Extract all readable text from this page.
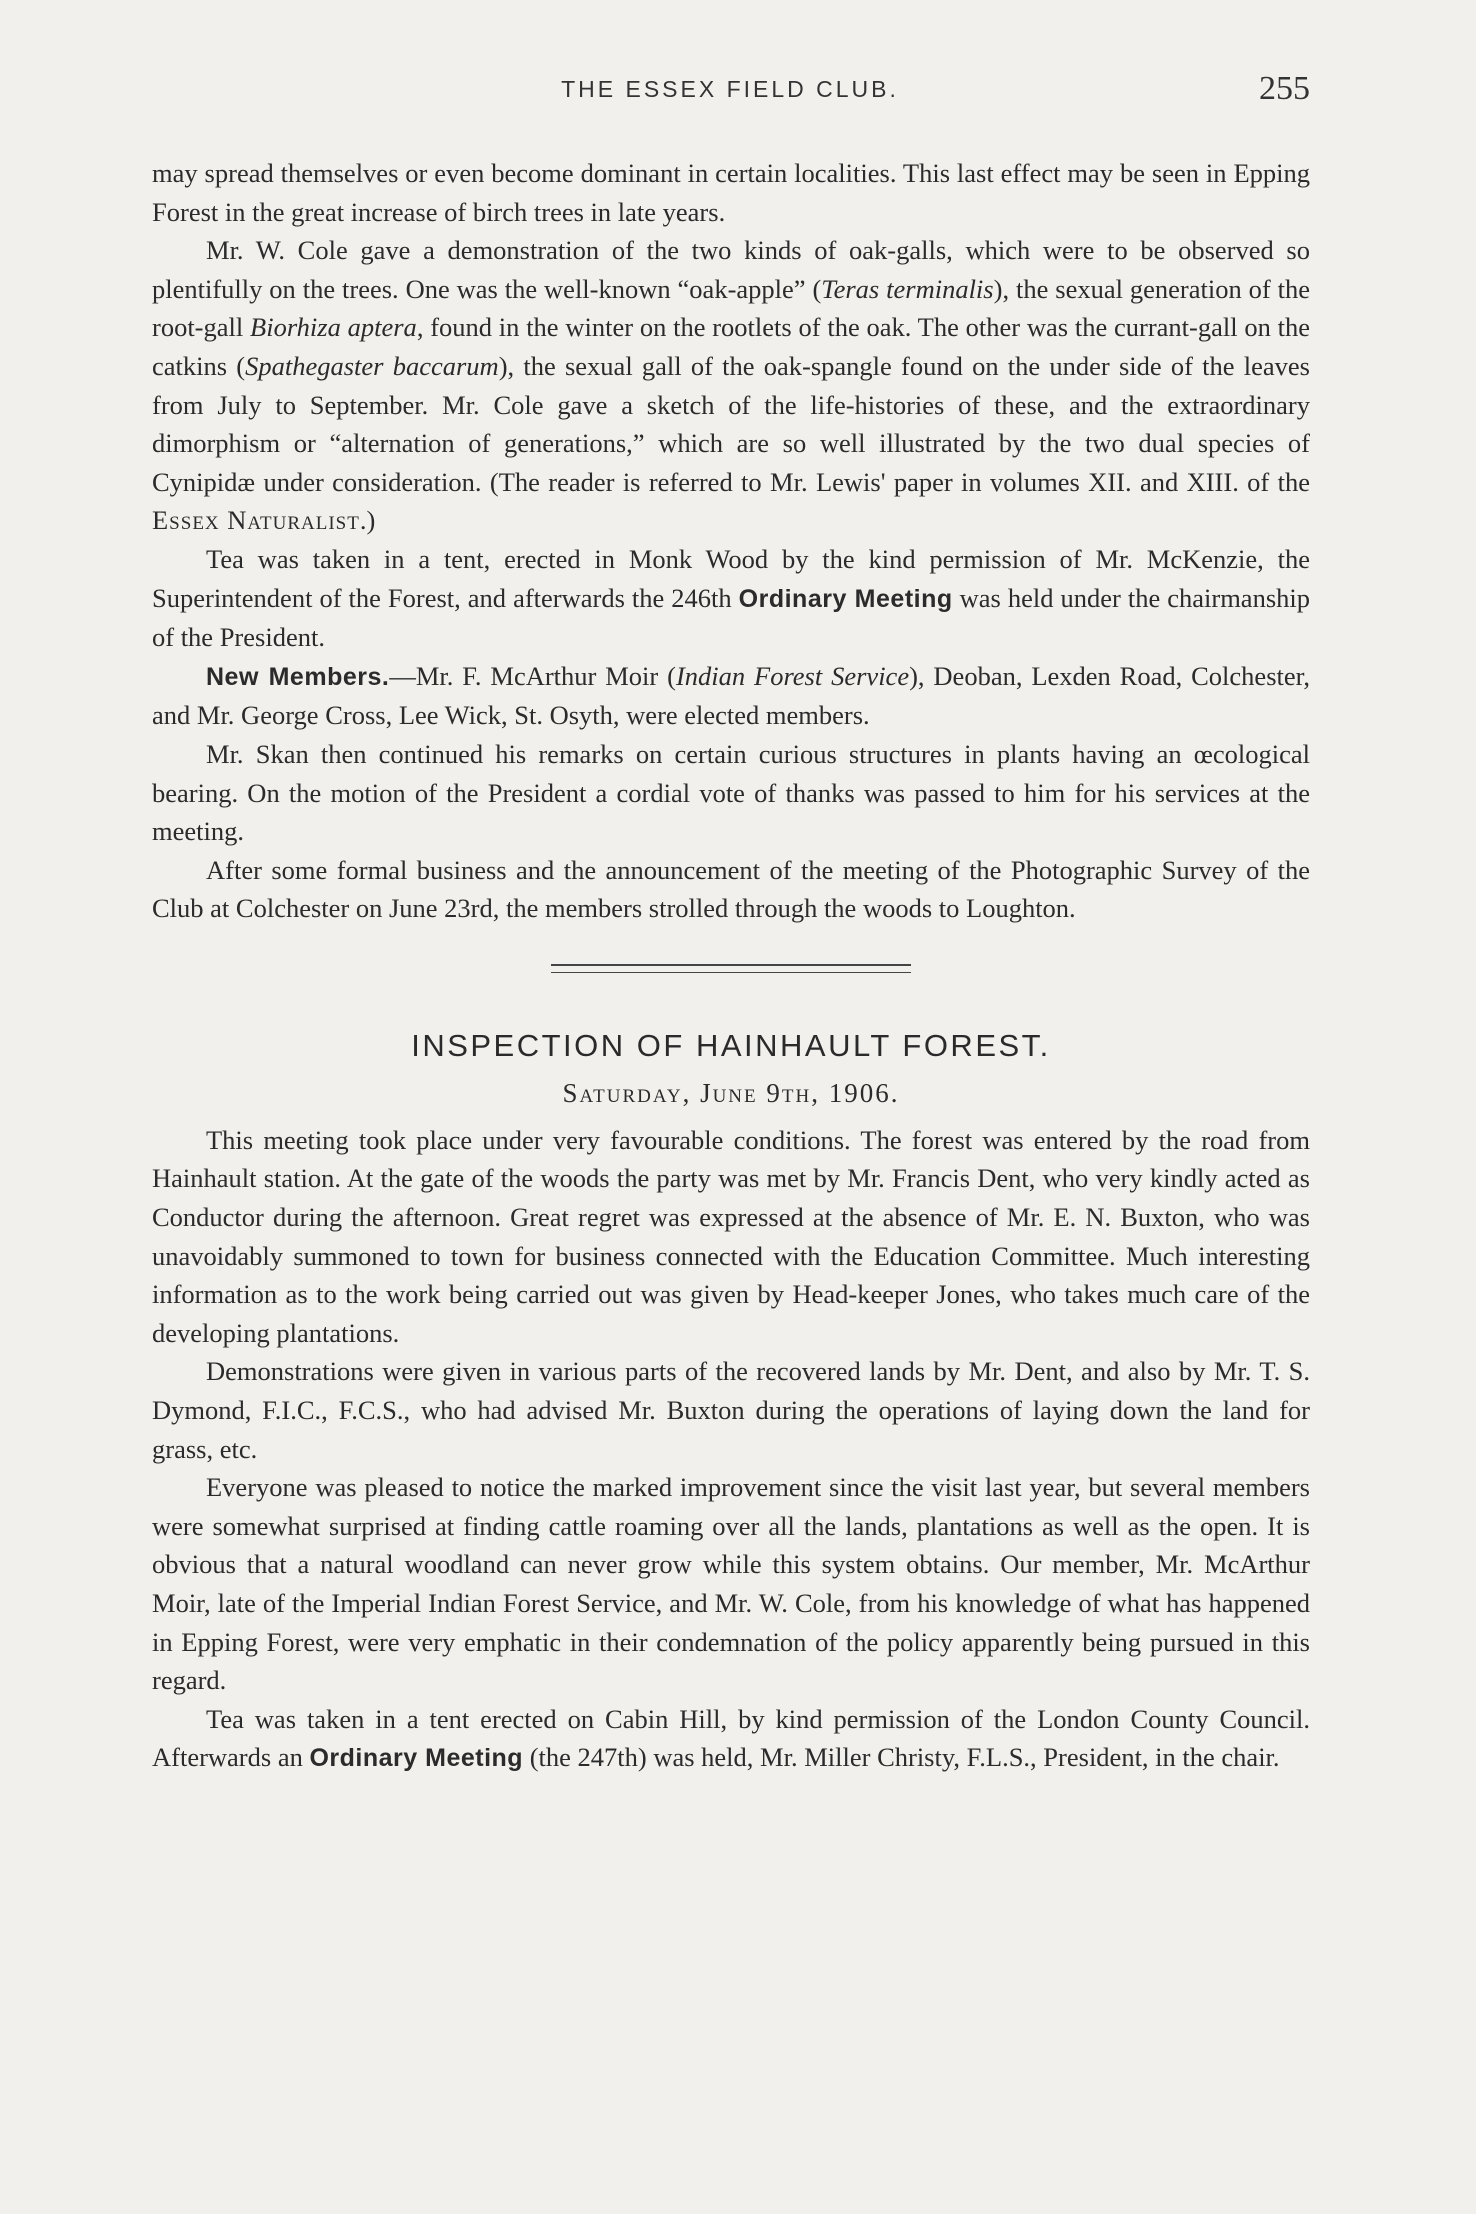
THE ESSEX FIELD CLUB.	255

may spread themselves or even become dominant in certain localities. This last effect may be seen in Epping Forest in the great increase of birch trees in late years.

Mr. W. Cole gave a demonstration of the two kinds of oak-galls, which were to be observed so plentifully on the trees. One was the well-known “oak-apple” (Teras terminalis), the sexual generation of the root-gall Biorhiza aptera, found in the winter on the rootlets of the oak. The other was the currant-gall on the catkins (Spathegaster baccarum), the sexual gall of the oak-spangle found on the under side of the leaves from July to September. Mr. Cole gave a sketch of the life-histories of these, and the extraordinary dimorphism or “alternation of generations,” which are so well illustrated by the two dual species of Cynipidæ under consideration. (The reader is referred to Mr. Lewis' paper in volumes XII. and XIII. of the Essex Naturalist.)

Tea was taken in a tent, erected in Monk Wood by the kind permission of Mr. McKenzie, the Superintendent of the Forest, and afterwards the 246th Ordinary Meeting was held under the chairmanship of the President.

New Members.—Mr. F. McArthur Moir (Indian Forest Service), Deoban, Lexden Road, Colchester, and Mr. George Cross, Lee Wick, St. Osyth, were elected members.

Mr. Skan then continued his remarks on certain curious structures in plants having an œcological bearing. On the motion of the President a cordial vote of thanks was passed to him for his services at the meeting.

After some formal business and the announcement of the meeting of the Photographic Survey of the Club at Colchester on June 23rd, the members strolled through the woods to Loughton.

INSPECTION OF HAINHAULT FOREST.
Saturday, June 9th, 1906.

This meeting took place under very favourable conditions. The forest was entered by the road from Hainhault station. At the gate of the woods the party was met by Mr. Francis Dent, who very kindly acted as Conductor during the afternoon. Great regret was expressed at the absence of Mr. E. N. Buxton, who was unavoidably summoned to town for business connected with the Education Committee. Much interesting information as to the work being carried out was given by Head-keeper Jones, who takes much care of the developing plantations.

Demonstrations were given in various parts of the recovered lands by Mr. Dent, and also by Mr. T. S. Dymond, F.I.C., F.C.S., who had advised Mr. Buxton during the operations of laying down the land for grass, etc.

Everyone was pleased to notice the marked improvement since the visit last year, but several members were somewhat surprised at finding cattle roaming over all the lands, plantations as well as the open. It is obvious that a natural woodland can never grow while this system obtains. Our member, Mr. McArthur Moir, late of the Imperial Indian Forest Service, and Mr. W. Cole, from his knowledge of what has happened in Epping Forest, were very emphatic in their condemnation of the policy apparently being pursued in this regard.

Tea was taken in a tent erected on Cabin Hill, by kind permission of the London County Council. Afterwards an Ordinary Meeting (the 247th) was held, Mr. Miller Christy, F.L.S., President, in the chair.
